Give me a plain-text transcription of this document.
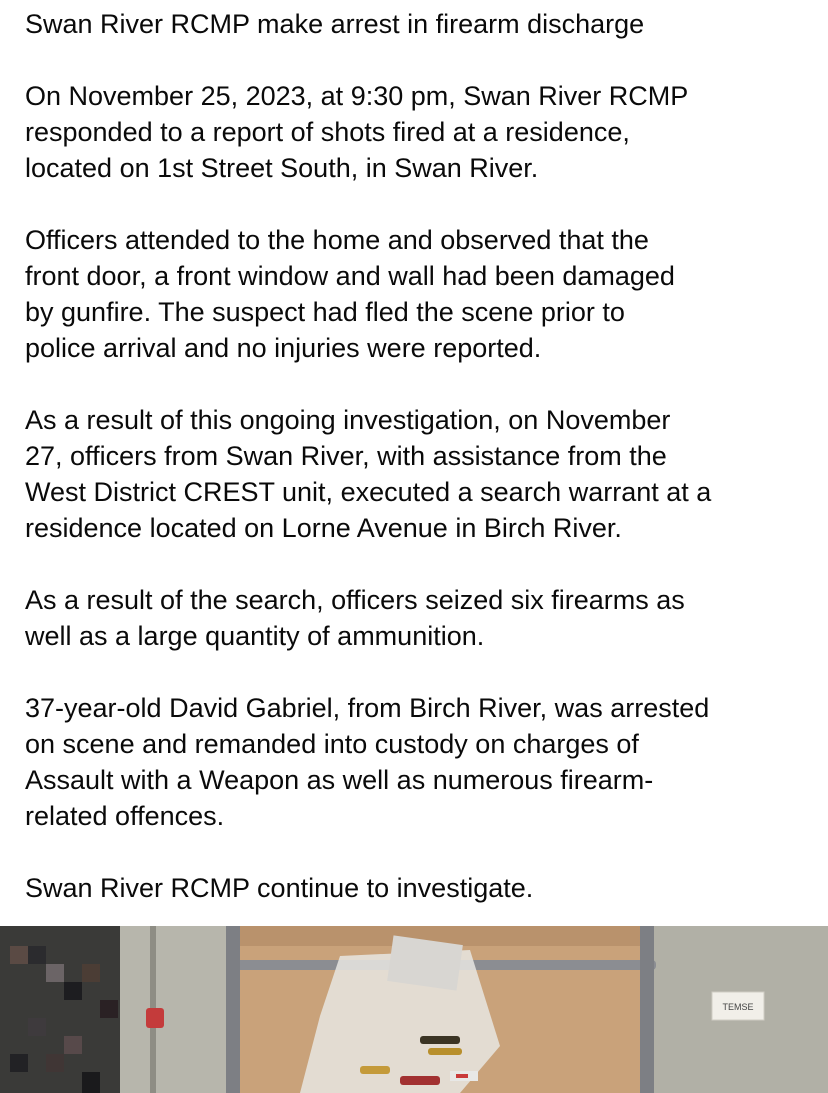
Swan River RCMP make arrest in firearm discharge

On November 25, 2023, at 9:30 pm, Swan River RCMP
responded to a report of shots fired at a residence,
located on 1st Street South, in Swan River.

Officers attended to the home and observed that the
front door, a front window and wall had been damaged
by gunfire. The suspect had fled the scene prior to
police arrival and no injuries were reported.

As a result of this ongoing investigation, on November
27, officers from Swan River, with assistance from the
West District CREST unit, executed a search warrant at a
residence located on Lorne Avenue in Birch River.

As a result of the search, officers seized six firearms as
well as a large quantity of ammunition.

37-year-old David Gabriel, from Birch River, was arrested
on scene and remanded into custody on charges of
Assault with a Weapon as well as numerous firearm-
related offences.

Swan River RCMP continue to investigate.

TEMSE
